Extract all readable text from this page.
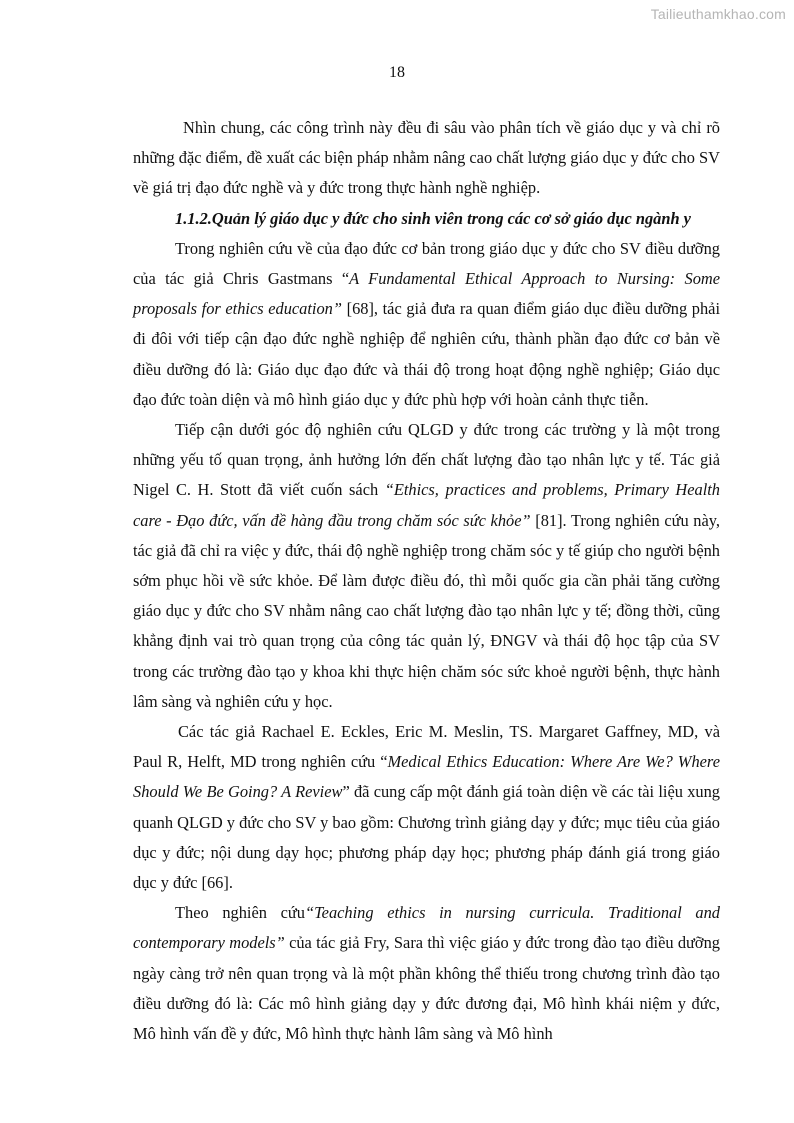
Tailieuthamkhao.com
18

Nhìn chung, các công trình này đều đi sâu vào phân tích về giáo dục y và chỉ rõ những đặc điểm, đề xuất các biện pháp nhằm nâng cao chất lượng giáo dục y đức cho SV về giá trị đạo đức nghề và y đức trong thực hành nghề nghiệp.

1.1.2.Quản lý giáo dục y đức cho sinh viên trong các cơ sở giáo dục ngành y

Trong nghiên cứu về của đạo đức cơ bản trong giáo dục y đức cho SV điều dưỡng của tác giả Chris Gastmans “A Fundamental Ethical Approach to Nursing: Some proposals for ethics education” [68], tác giả đưa ra quan điểm giáo dục điều dưỡng phải đi đôi với tiếp cận đạo đức nghề nghiệp để nghiên cứu, thành phần đạo đức cơ bản về điều dưỡng đó là: Giáo dục đạo đức và thái độ trong hoạt động nghề nghiệp; Giáo dục đạo đức toàn diện và mô hình giáo dục y đức phù hợp với hoàn cảnh thực tiễn.

Tiếp cận dưới góc độ nghiên cứu QLGD y đức trong các trường y là một trong những yếu tố quan trọng, ảnh hưởng lớn đến chất lượng đào tạo nhân lực y tế. Tác giả Nigel C. H. Stott đã viết cuốn sách “Ethics, practices and problems, Primary Health care - Đạo đức, vấn đề hàng đầu trong chăm sóc sức khỏe” [81]. Trong nghiên cứu này, tác giả đã chỉ ra việc y đức, thái độ nghề nghiệp trong chăm sóc y tế giúp cho người bệnh sớm phục hồi về sức khỏe. Để làm được điều đó, thì mỗi quốc gia cần phải tăng cường giáo dục y đức cho SV nhằm nâng cao chất lượng đào tạo nhân lực y tế; đồng thời, cũng khẳng định vai trò quan trọng của công tác quản lý, ĐNGV và thái độ học tập của SV trong các trường đào tạo y khoa khi thực hiện chăm sóc sức khoẻ người bệnh, thực hành lâm sàng và nghiên cứu y học.

Các tác giả Rachael E. Eckles, Eric M. Meslin, TS. Margaret Gaffney, MD, và Paul R, Helft, MD trong nghiên cứu “Medical Ethics Education: Where Are We? Where Should We Be Going? A Review” đã cung cấp một đánh giá toàn diện về các tài liệu xung quanh QLGD y đức cho SV y bao gồm: Chương trình giảng dạy y đức; mục tiêu của giáo dục y đức; nội dung dạy học; phương pháp dạy học; phương pháp đánh giá trong giáo dục y đức [66].

Theo nghiên cứu“Teaching ethics in nursing curricula. Traditional and contemporary models” của tác giả Fry, Sara thì việc giáo y đức trong đào tạo điều dưỡng ngày càng trở nên quan trọng và là một phần không thể thiếu trong chương trình đào tạo điều dưỡng đó là: Các mô hình giảng dạy y đức đương đại, Mô hình khái niệm y đức, Mô hình vấn đề y đức, Mô hình thực hành lâm sàng và Mô hình
